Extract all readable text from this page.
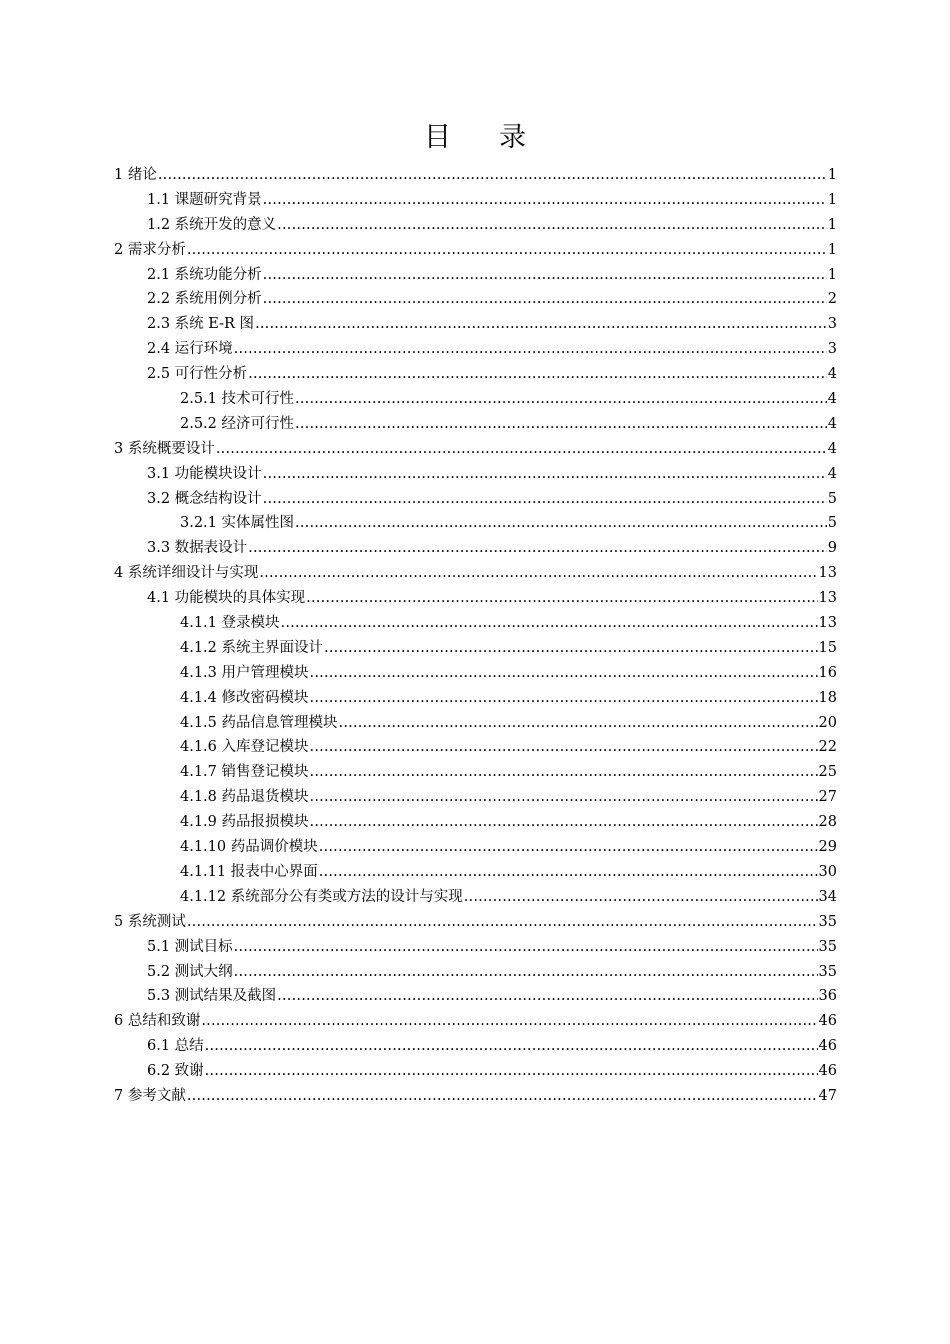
目录
1 绪论 .....	1
1.1 课题研究背景 .....	1
1.2 系统开发的意义 .....	1
2 需求分析 .....	1
2.1 系统功能分析 .....	1
2.2 系统用例分析 .....	2
2.3 系统 E-R 图 .....	3
2.4 运行环境 .....	3
2.5 可行性分析 .....	4
2.5.1 技术可行性 .....	4
2.5.2 经济可行性 .....	4
3 系统概要设计 .....	4
3.1 功能模块设计 .....	4
3.2 概念结构设计 .....	5
3.2.1 实体属性图 .....	5
3.3 数据表设计 .....	9
4 系统详细设计与实现 .....	13
4.1 功能模块的具体实现 .....	13
4.1.1 登录模块 .....	13
4.1.2 系统主界面设计 .....	15
4.1.3 用户管理模块 .....	16
4.1.4 修改密码模块 .....	18
4.1.5 药品信息管理模块 .....	20
4.1.6 入库登记模块 .....	22
4.1.7 销售登记模块 .....	25
4.1.8 药品退货模块 .....	27
4.1.9 药品报损模块 .....	28
4.1.10 药品调价模块 .....	29
4.1.11 报表中心界面 .....	30
4.1.12 系统部分公有类或方法的设计与实现 .....	34
5 系统测试 .....	35
5.1 测试目标 .....	35
5.2 测试大纲 .....	35
5.3 测试结果及截图 .....	36
6 总结和致谢 .....	46
6.1 总结 .....	46
6.2 致谢 .....	46
7 参考文献 .....	47
